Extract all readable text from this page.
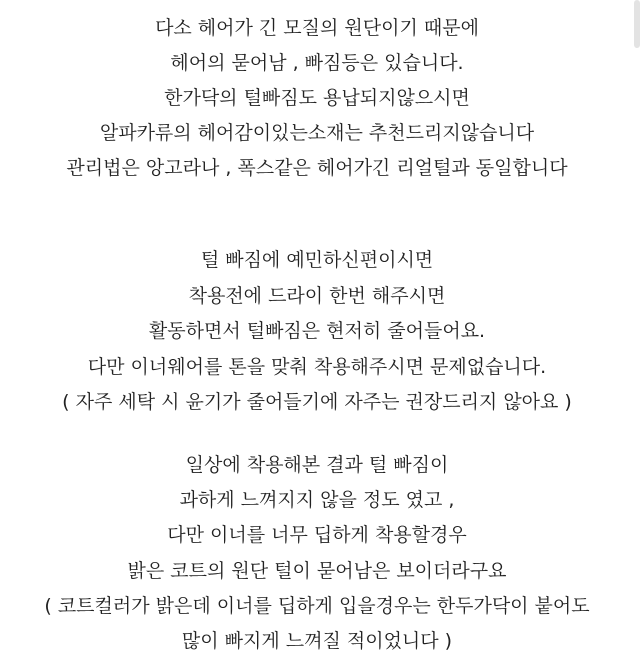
다소 헤어가 긴 모질의 원단이기 때문에
헤어의 묻어남 , 빠짐등은 있습니다.
한가닥의 털빠짐도 용납되지않으시면
알파카류의 헤어감이있는소재는 추천드리지않습니다
관리법은 앙고라나 , 폭스같은 헤어가긴 리얼털과 동일합니다
털 빠짐에 예민하신편이시면
착용전에 드라이 한번 해주시면
활동하면서 털빠짐은 현저히 줄어들어요.
다만 이너웨어를 톤을 맞춰 착용해주시면 문제없습니다.
( 자주 세탁 시 윤기가 줄어들기에 자주는 권장드리지 않아요 )
일상에 착용해본 결과 털 빠짐이
과하게 느껴지지 않을 정도 였고 ,
다만 이너를 너무 딥하게 착용할경우
밝은 코트의 원단 털이 묻어남은 보이더라구요
( 코트컬러가 밝은데 이너를 딥하게 입을경우는 한두가닥이 붙어도
많이 빠지게 느껴질 적이었니다 )
